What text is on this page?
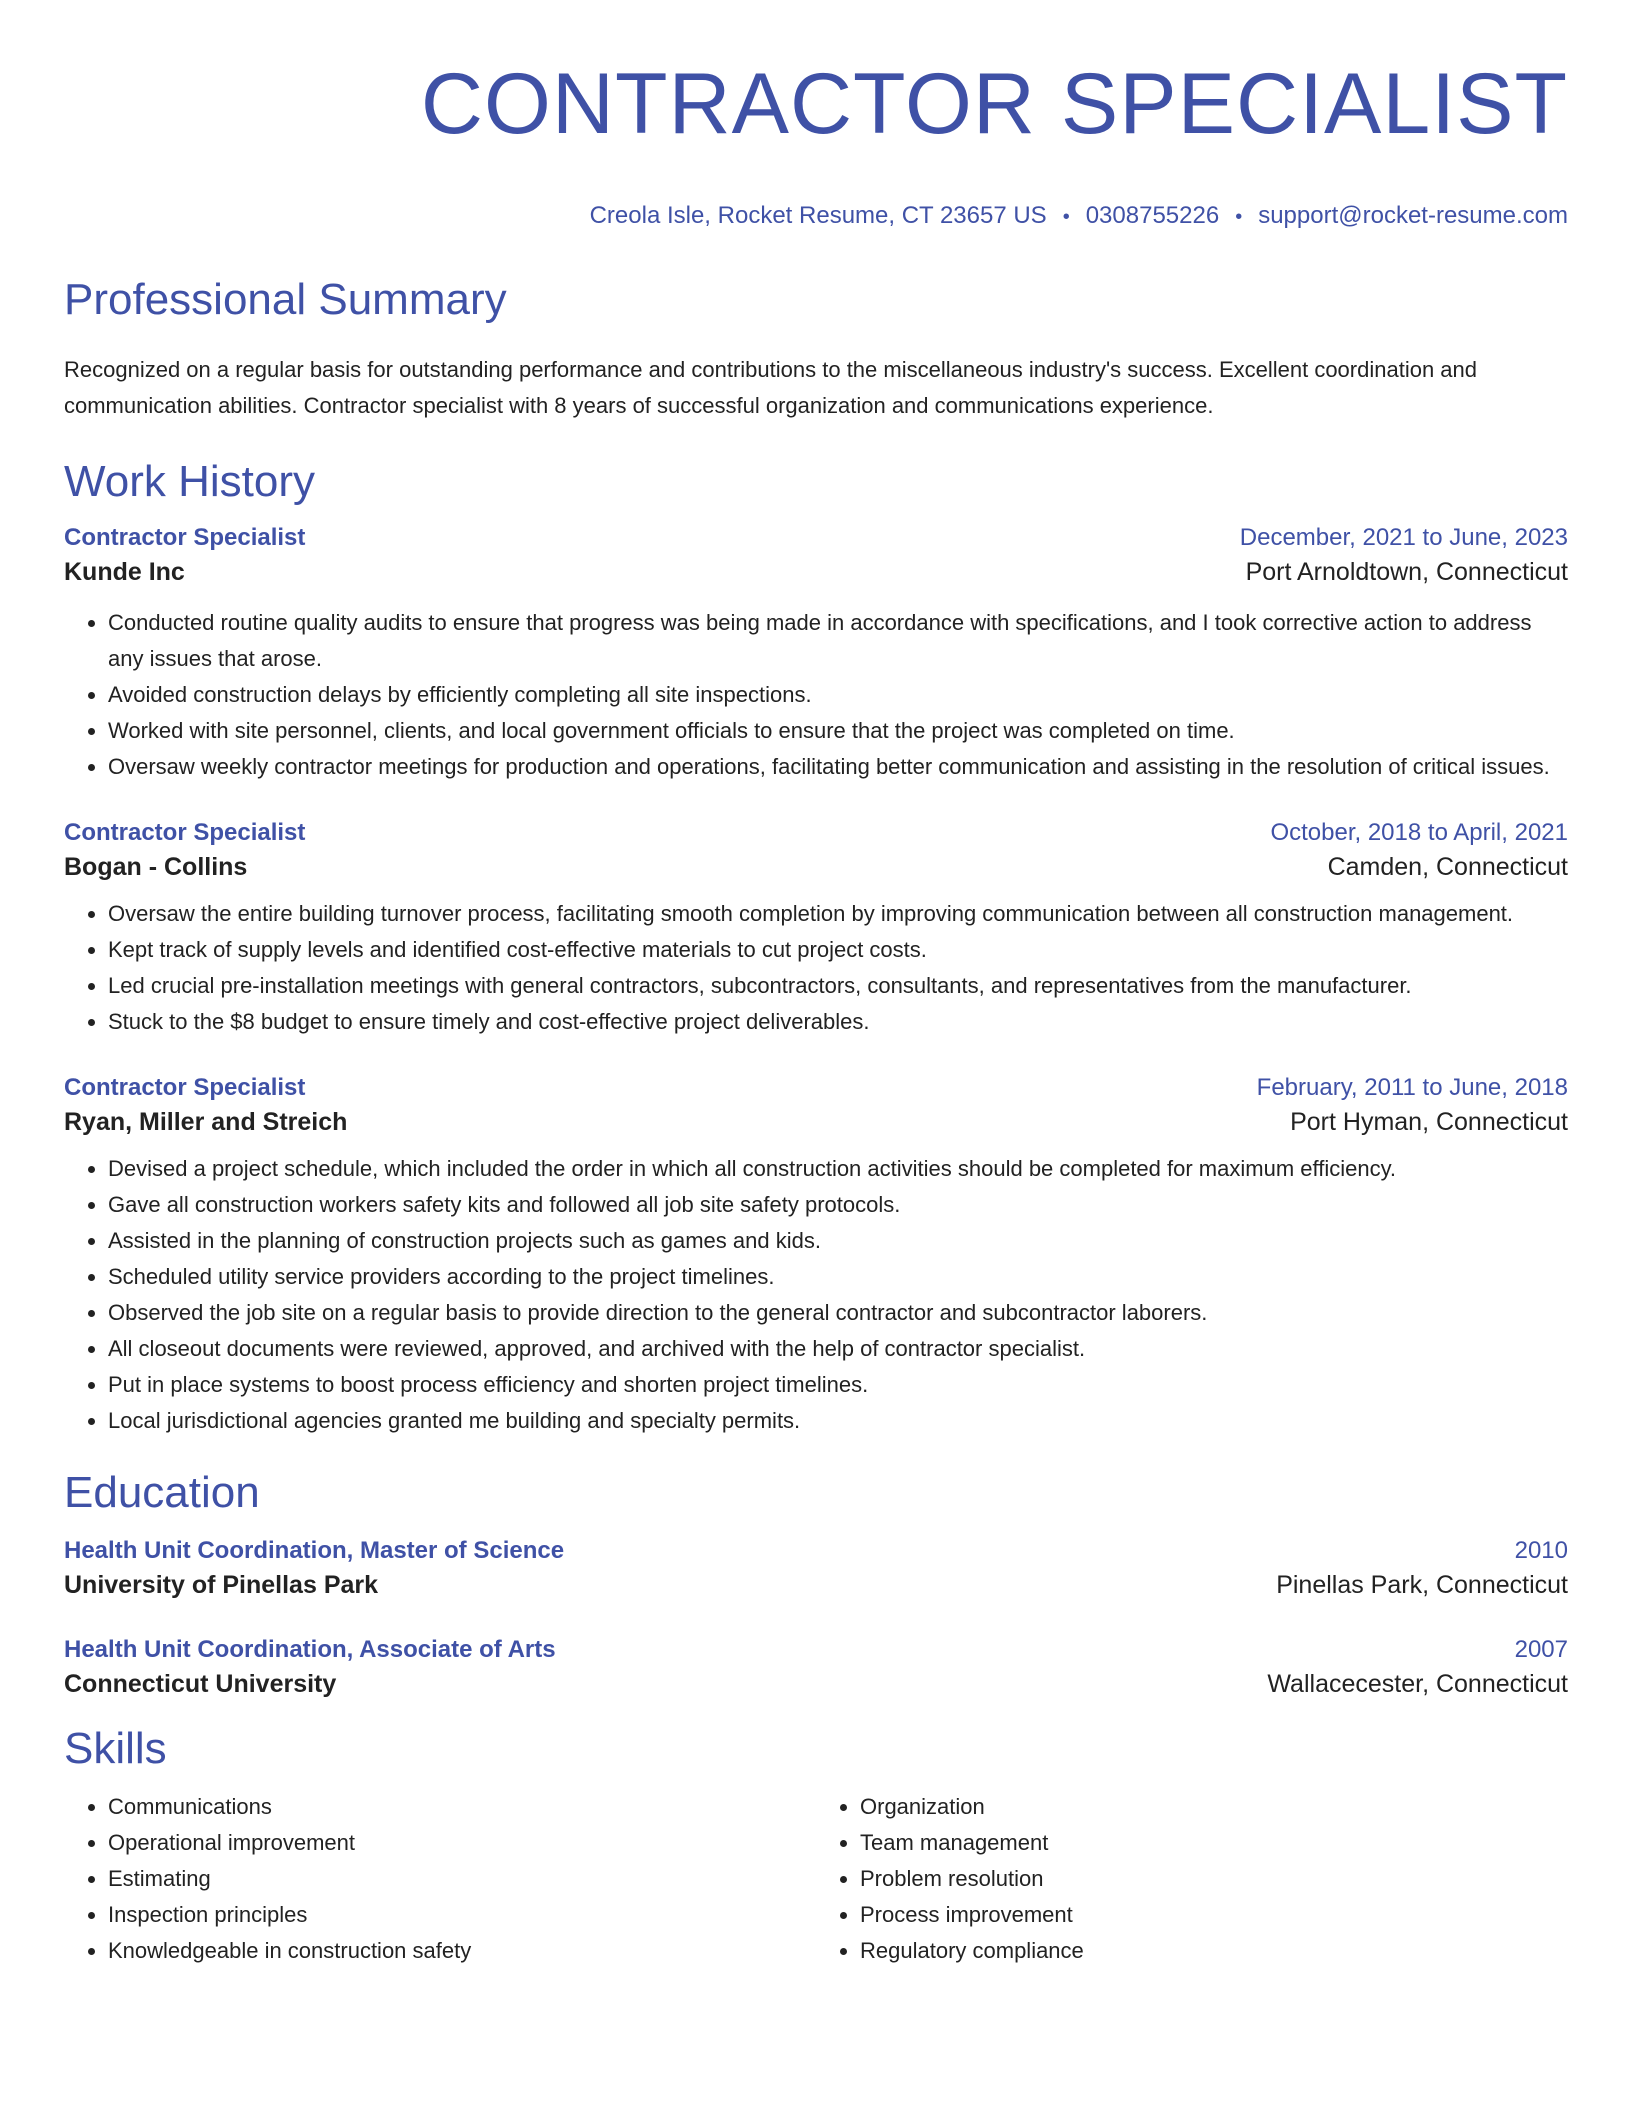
CONTRACTOR SPECIALIST
Creola Isle, Rocket Resume, CT 23657 US • 0308755226 • support@rocket-resume.com
Professional Summary
Recognized on a regular basis for outstanding performance and contributions to the miscellaneous industry's success. Excellent coordination and communication abilities. Contractor specialist with 8 years of successful organization and communications experience.
Work History
Contractor Specialist	December, 2021 to June, 2023
Kunde Inc	Port Arnoldtown, Connecticut
• Conducted routine quality audits to ensure that progress was being made in accordance with specifications, and I took corrective action to address any issues that arose.
• Avoided construction delays by efficiently completing all site inspections.
• Worked with site personnel, clients, and local government officials to ensure that the project was completed on time.
• Oversaw weekly contractor meetings for production and operations, facilitating better communication and assisting in the resolution of critical issues.
Contractor Specialist	October, 2018 to April, 2021
Bogan - Collins	Camden, Connecticut
• Oversaw the entire building turnover process, facilitating smooth completion by improving communication between all construction management.
• Kept track of supply levels and identified cost-effective materials to cut project costs.
• Led crucial pre-installation meetings with general contractors, subcontractors, consultants, and representatives from the manufacturer.
• Stuck to the $8 budget to ensure timely and cost-effective project deliverables.
Contractor Specialist	February, 2011 to June, 2018
Ryan, Miller and Streich	Port Hyman, Connecticut
• Devised a project schedule, which included the order in which all construction activities should be completed for maximum efficiency.
• Gave all construction workers safety kits and followed all job site safety protocols.
• Assisted in the planning of construction projects such as games and kids.
• Scheduled utility service providers according to the project timelines.
• Observed the job site on a regular basis to provide direction to the general contractor and subcontractor laborers.
• All closeout documents were reviewed, approved, and archived with the help of contractor specialist.
• Put in place systems to boost process efficiency and shorten project timelines.
• Local jurisdictional agencies granted me building and specialty permits.
Education
Health Unit Coordination, Master of Science	2010
University of Pinellas Park	Pinellas Park, Connecticut
Health Unit Coordination, Associate of Arts	2007
Connecticut University	Wallacecester, Connecticut
Skills
• Communications
• Operational improvement
• Estimating
• Inspection principles
• Knowledgeable in construction safety
• Organization
• Team management
• Problem resolution
• Process improvement
• Regulatory compliance
